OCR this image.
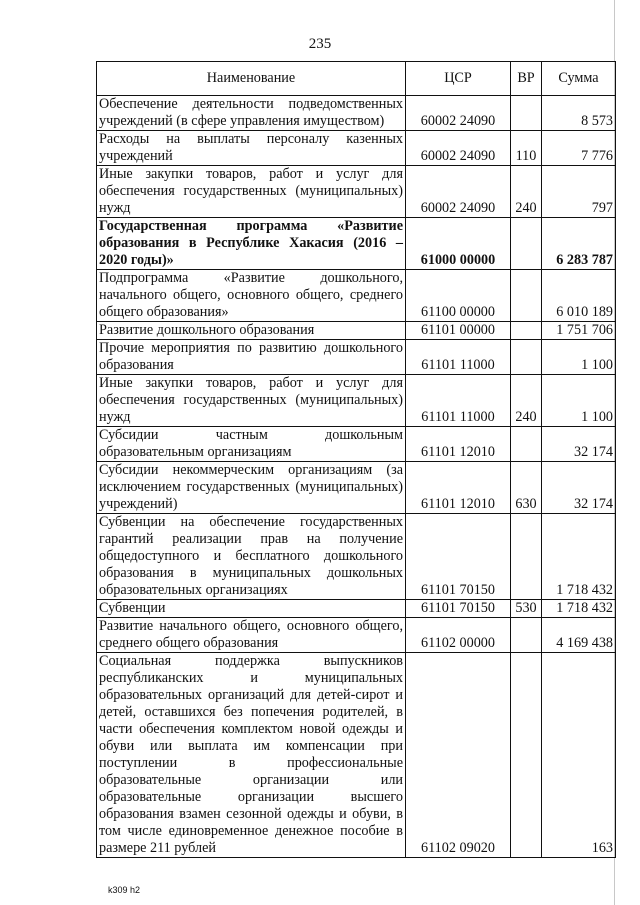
235
Наименование	ЦСР	ВР	Сумма
Обеспечение деятельности подведомственных учреждений (в сфере управления имуществом)	60002 24090		8 573
Расходы на выплаты персоналу казенных учреждений	60002 24090	110	7 776
Иные закупки товаров, работ и услуг для обеспечения государственных (муниципальных) нужд	60002 24090	240	797
Государственная программа «Развитие образования в Республике Хакасия (2016 – 2020 годы)»	61000 00000		6 283 787
Подпрограмма «Развитие дошкольного, начального общего, основного общего, среднего общего образования»	61100 00000		6 010 189
Развитие дошкольного образования	61101 00000		1 751 706
Прочие мероприятия по развитию дошкольного образования	61101 11000		1 100
Иные закупки товаров, работ и услуг для обеспечения государственных (муниципальных) нужд	61101 11000	240	1 100
Субсидии частным дошкольным образовательным организациям	61101 12010		32 174
Субсидии некоммерческим организациям (за исключением государственных (муниципальных) учреждений)	61101 12010	630	32 174
Субвенции на обеспечение государственных гарантий реализации прав на получение общедоступного и бесплатного дошкольного образования в муниципальных дошкольных образовательных организациях	61101 70150		1 718 432
Субвенции	61101 70150	530	1 718 432
Развитие начального общего, основного общего, среднего общего образования	61102 00000		4 169 438
Социальная поддержка выпускников республиканских и муниципальных образовательных организаций для детей-сирот и детей, оставшихся без попечения родителей, в части обеспечения комплектом новой одежды и обуви или выплата им компенсации при поступлении в профессиональные образовательные организации или образовательные организации высшего образования взамен сезонной одежды и обуви, в том числе единовременное денежное пособие в размере 211 рублей	61102 09020		163
k309 h2
